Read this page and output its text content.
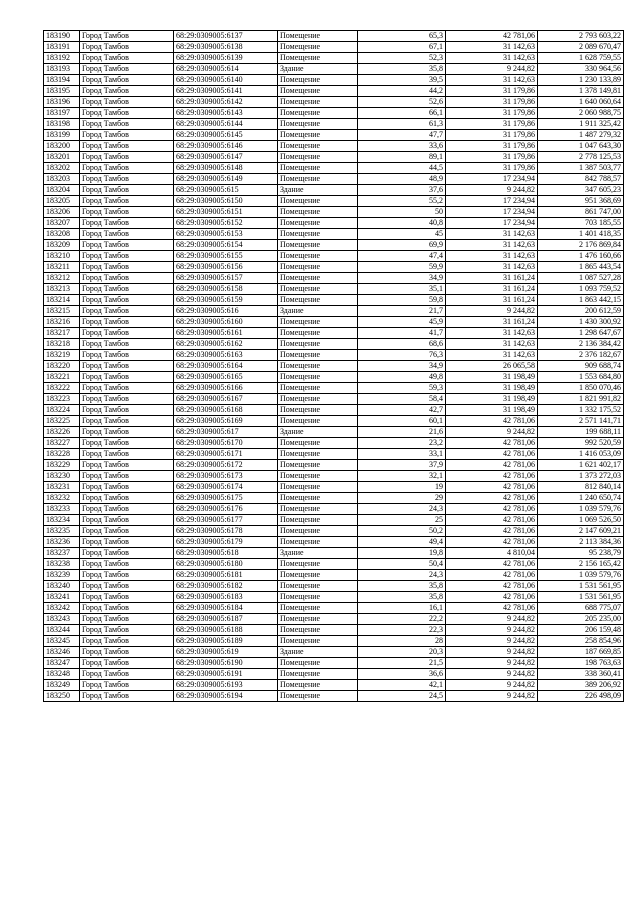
183190	Город Тамбов	68:29:0309005:6137	Помещение	65,3	42 781,06	2 793 603,22
183191	Город Тамбов	68:29:0309005:6138	Помещение	67,1	31 142,63	2 089 670,47
183192	Город Тамбов	68:29:0309005:6139	Помещение	52,3	31 142,63	1 628 759,55
183193	Город Тамбов	68:29:0309005:614	Здание	35,8	9 244,82	330 964,56
183194	Город Тамбов	68:29:0309005:6140	Помещение	39,5	31 142,63	1 230 133,89
183195	Город Тамбов	68:29:0309005:6141	Помещение	44,2	31 179,86	1 378 149,81
183196	Город Тамбов	68:29:0309005:6142	Помещение	52,6	31 179,86	1 640 060,64
183197	Город Тамбов	68:29:0309005:6143	Помещение	66,1	31 179,86	2 060 988,75
183198	Город Тамбов	68:29:0309005:6144	Помещение	61,3	31 179,86	1 911 325,42
183199	Город Тамбов	68:29:0309005:6145	Помещение	47,7	31 179,86	1 487 279,32
183200	Город Тамбов	68:29:0309005:6146	Помещение	33,6	31 179,86	1 047 643,30
183201	Город Тамбов	68:29:0309005:6147	Помещение	89,1	31 179,86	2 778 125,53
183202	Город Тамбов	68:29:0309005:6148	Помещение	44,5	31 179,86	1 387 503,77
183203	Город Тамбов	68:29:0309005:6149	Помещение	48,9	17 234,94	842 788,57
183204	Город Тамбов	68:29:0309005:615	Здание	37,6	9 244,82	347 605,23
183205	Город Тамбов	68:29:0309005:6150	Помещение	55,2	17 234,94	951 368,69
183206	Город Тамбов	68:29:0309005:6151	Помещение	50	17 234,94	861 747,00
183207	Город Тамбов	68:29:0309005:6152	Помещение	40,8	17 234,94	703 185,55
183208	Город Тамбов	68:29:0309005:6153	Помещение	45	31 142,63	1 401 418,35
183209	Город Тамбов	68:29:0309005:6154	Помещение	69,9	31 142,63	2 176 869,84
183210	Город Тамбов	68:29:0309005:6155	Помещение	47,4	31 142,63	1 476 160,66
183211	Город Тамбов	68:29:0309005:6156	Помещение	59,9	31 142,63	1 865 443,54
183212	Город Тамбов	68:29:0309005:6157	Помещение	34,9	31 161,24	1 087 527,28
183213	Город Тамбов	68:29:0309005:6158	Помещение	35,1	31 161,24	1 093 759,52
183214	Город Тамбов	68:29:0309005:6159	Помещение	59,8	31 161,24	1 863 442,15
183215	Город Тамбов	68:29:0309005:616	Здание	21,7	9 244,82	200 612,59
183216	Город Тамбов	68:29:0309005:6160	Помещение	45,9	31 161,24	1 430 300,92
183217	Город Тамбов	68:29:0309005:6161	Помещение	41,7	31 142,63	1 298 647,67
183218	Город Тамбов	68:29:0309005:6162	Помещение	68,6	31 142,63	2 136 384,42
183219	Город Тамбов	68:29:0309005:6163	Помещение	76,3	31 142,63	2 376 182,67
183220	Город Тамбов	68:29:0309005:6164	Помещение	34,9	26 065,58	909 688,74
183221	Город Тамбов	68:29:0309005:6165	Помещение	49,8	31 198,49	1 553 684,80
183222	Город Тамбов	68:29:0309005:6166	Помещение	59,3	31 198,49	1 850 070,46
183223	Город Тамбов	68:29:0309005:6167	Помещение	58,4	31 198,49	1 821 991,82
183224	Город Тамбов	68:29:0309005:6168	Помещение	42,7	31 198,49	1 332 175,52
183225	Город Тамбов	68:29:0309005:6169	Помещение	60,1	42 781,06	2 571 141,71
183226	Город Тамбов	68:29:0309005:617	Здание	21,6	9 244,82	199 688,11
183227	Город Тамбов	68:29:0309005:6170	Помещение	23,2	42 781,06	992 520,59
183228	Город Тамбов	68:29:0309005:6171	Помещение	33,1	42 781,06	1 416 053,09
183229	Город Тамбов	68:29:0309005:6172	Помещение	37,9	42 781,06	1 621 402,17
183230	Город Тамбов	68:29:0309005:6173	Помещение	32,1	42 781,06	1 373 272,03
183231	Город Тамбов	68:29:0309005:6174	Помещение	19	42 781,06	812 840,14
183232	Город Тамбов	68:29:0309005:6175	Помещение	29	42 781,06	1 240 650,74
183233	Город Тамбов	68:29:0309005:6176	Помещение	24,3	42 781,06	1 039 579,76
183234	Город Тамбов	68:29:0309005:6177	Помещение	25	42 781,06	1 069 526,50
183235	Город Тамбов	68:29:0309005:6178	Помещение	50,2	42 781,06	2 147 609,21
183236	Город Тамбов	68:29:0309005:6179	Помещение	49,4	42 781,06	2 113 384,36
183237	Город Тамбов	68:29:0309005:618	Здание	19,8	4 810,04	95 238,79
183238	Город Тамбов	68:29:0309005:6180	Помещение	50,4	42 781,06	2 156 165,42
183239	Город Тамбов	68:29:0309005:6181	Помещение	24,3	42 781,06	1 039 579,76
183240	Город Тамбов	68:29:0309005:6182	Помещение	35,8	42 781,06	1 531 561,95
183241	Город Тамбов	68:29:0309005:6183	Помещение	35,8	42 781,06	1 531 561,95
183242	Город Тамбов	68:29:0309005:6184	Помещение	16,1	42 781,06	688 775,07
183243	Город Тамбов	68:29:0309005:6187	Помещение	22,2	9 244,82	205 235,00
183244	Город Тамбов	68:29:0309005:6188	Помещение	22,3	9 244,82	206 159,48
183245	Город Тамбов	68:29:0309005:6189	Помещение	28	9 244,82	258 854,96
183246	Город Тамбов	68:29:0309005:619	Здание	20,3	9 244,82	187 669,85
183247	Город Тамбов	68:29:0309005:6190	Помещение	21,5	9 244,82	198 763,63
183248	Город Тамбов	68:29:0309005:6191	Помещение	36,6	9 244,82	338 360,41
183249	Город Тамбов	68:29:0309005:6193	Помещение	42,1	9 244,82	389 206,92
183250	Город Тамбов	68:29:0309005:6194	Помещение	24,5	9 244,82	226 498,09
